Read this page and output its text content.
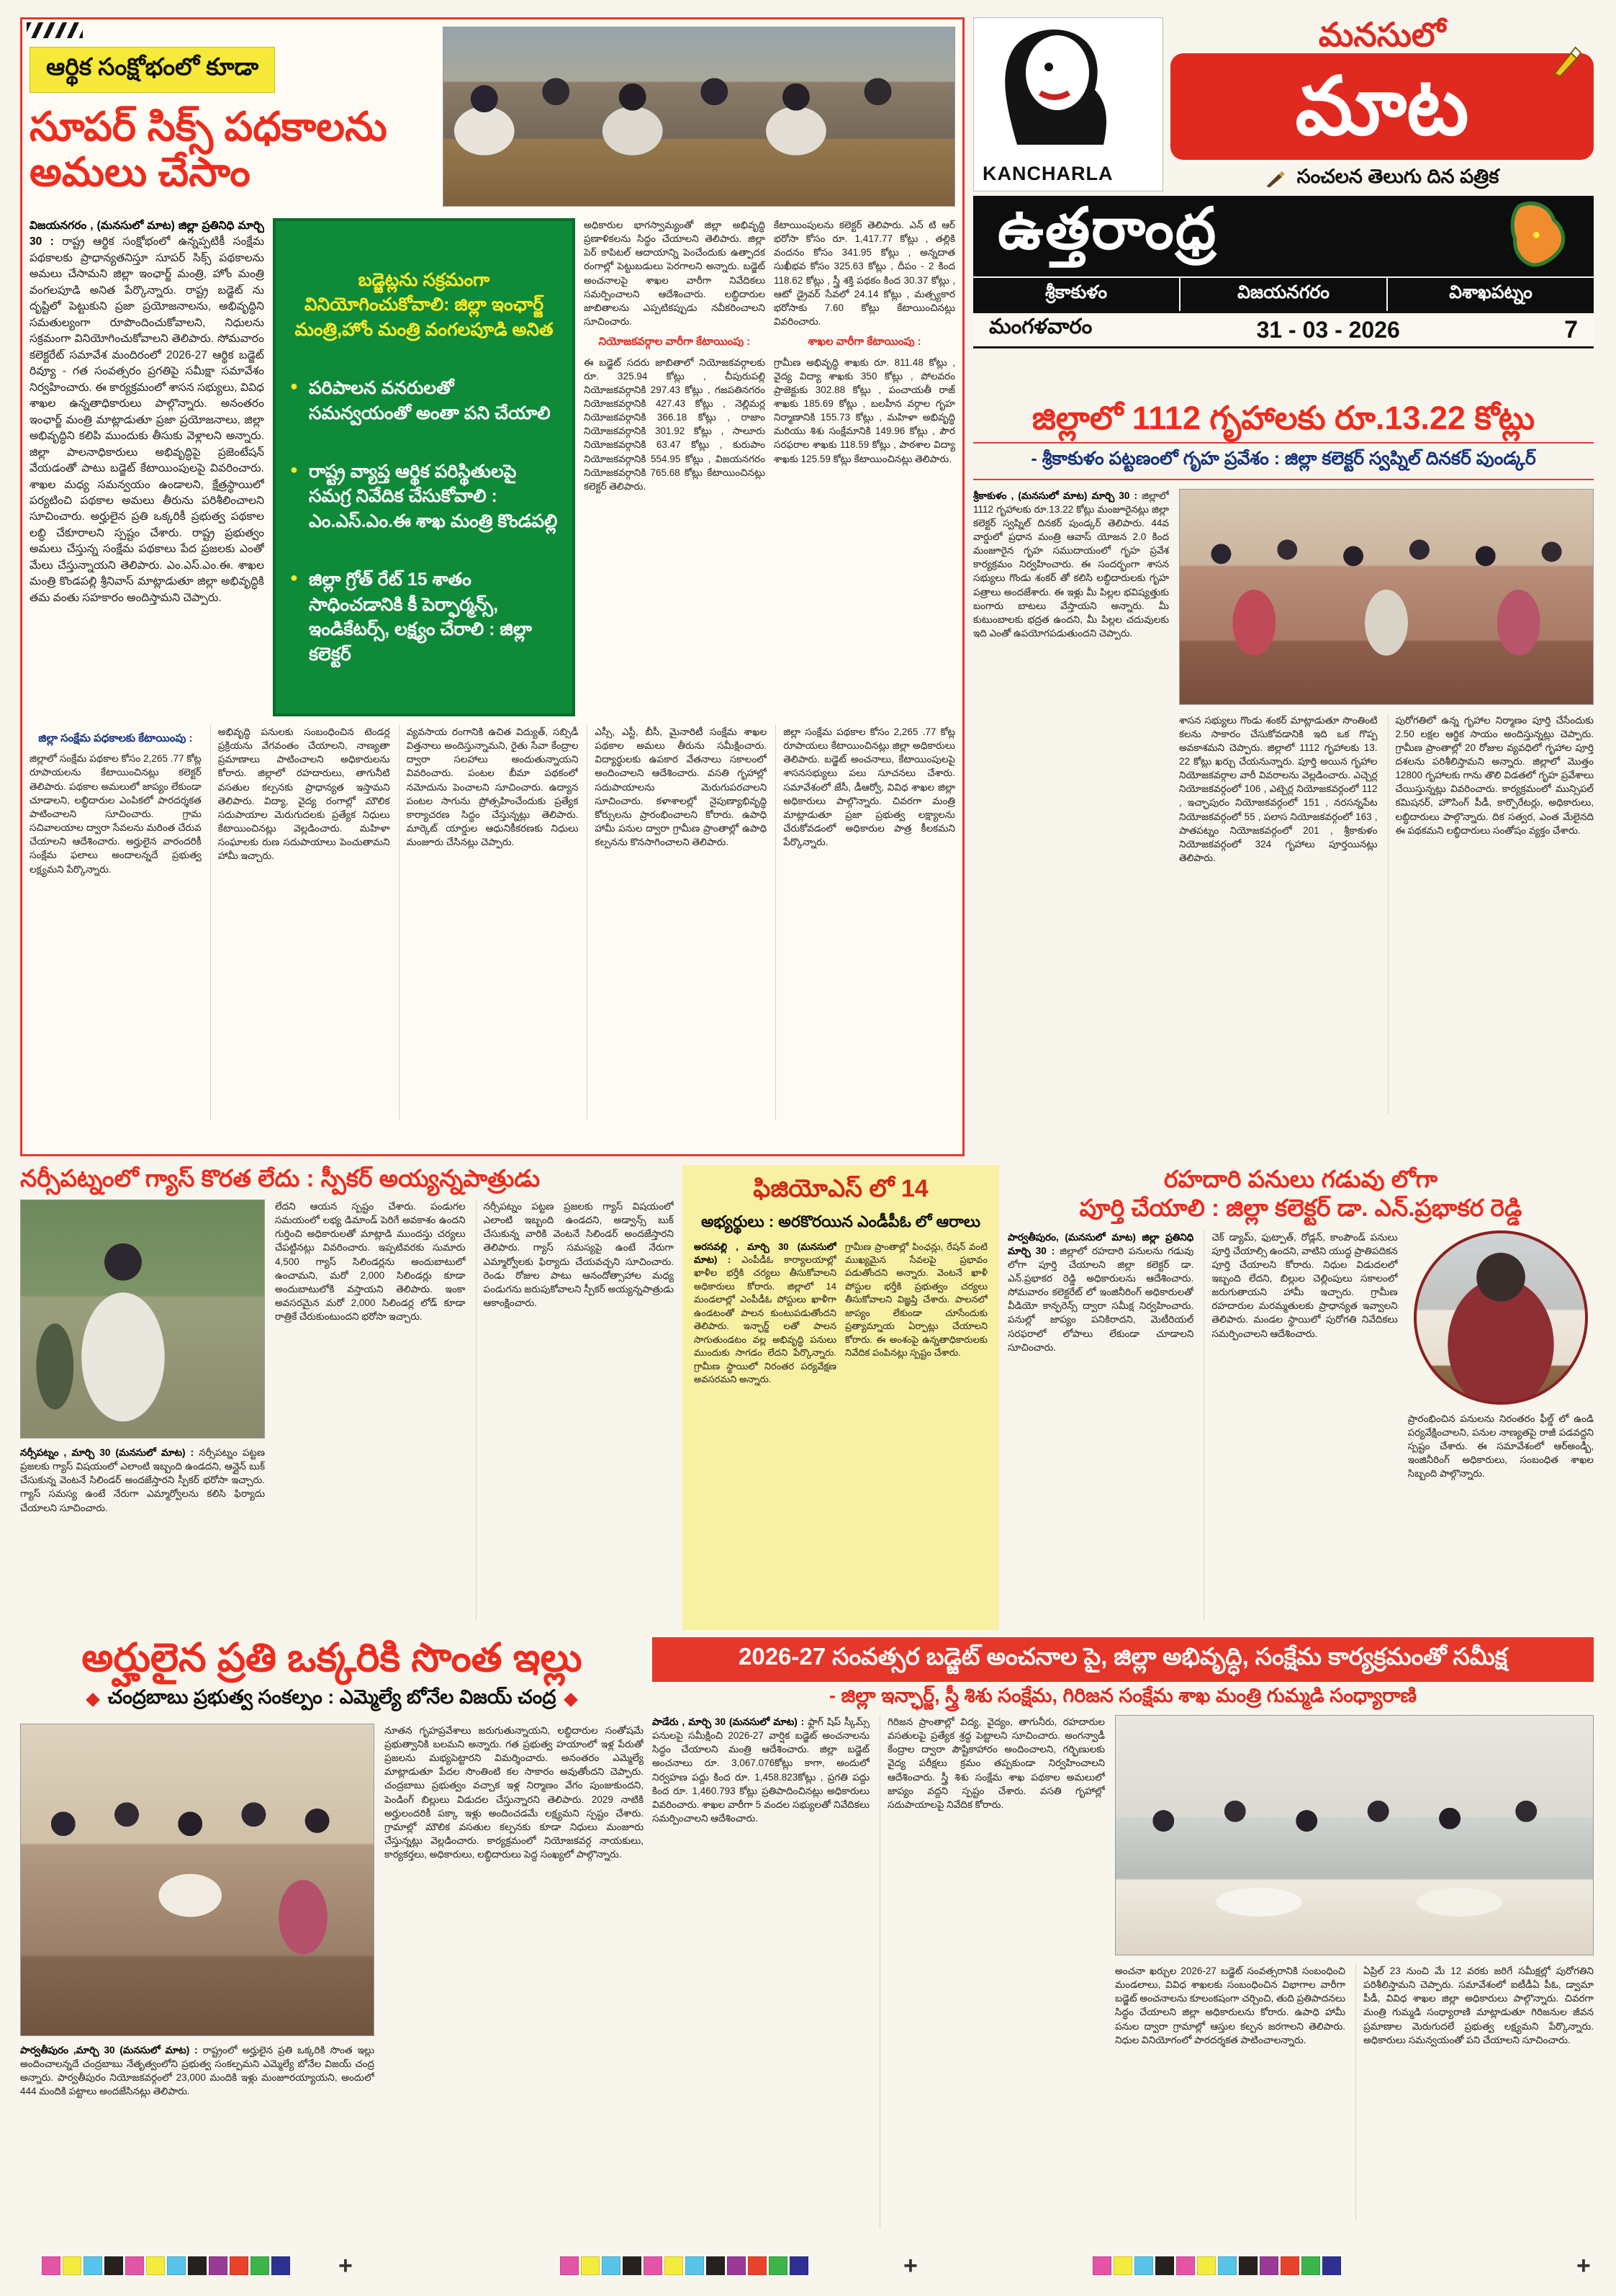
ఆర్థిక సంక్షోభంలో కూడా
సూపర్ సిక్స్ పధకాలను అమలు చేసాం
విజయనగరం , (మనసులో మాట) జిల్లా ప్రతినిధి మార్చి 30 : రాష్ట్ర ఆర్థిక సంక్షోభంలో ఉన్నప్పటికీ సంక్షేమ పథకాలకు ప్రాధాన్యతనిస్తూ సూపర్ సిక్స్ పథకాలను అమలు చేసామని జిల్లా ఇంఛార్జ్ మంత్రి, హోం మంత్రి వంగలపూడి అనిత పేర్కొన్నారు. రాష్ట్ర బడ్జెట్ ను దృష్టిలో పెట్టుకుని ప్రజా ప్రయోజనాలను, అభివృద్ధిని సమతుల్యంగా రూపొందించుకోవాలని, నిధులను సక్రమంగా వినియోగించుకోవాలని తెలిపారు. సోమవారం కలెక్టరేట్ సమావేశ మందిరంలో 2026-27 ఆర్థిక బడ్జెట్ రివ్యూ - గత సంవత్సరం ప్రగతిపై సమీక్షా సమావేశం నిర్వహించారు. ఈ కార్యక్రమంలో శాసన సభ్యులు, వివిధ శాఖల ఉన్నతాధికారులు పాల్గొన్నారు. అనంతరం ఇంఛార్జ్ మంత్రి మాట్లాడుతూ ప్రజా ప్రయోజనాలు, జిల్లా అభివృద్ధిని కలిపి ముందుకు తీసుకు వెళ్లాలని అన్నారు. జిల్లా పాలనాధికారులు అభివృద్ధిపై ప్రజెంటేషన్ వేయడంతో పాటు బడ్జెట్ కేటాయింపులపై వివరించారు. శాఖల మధ్య సమన్వయం ఉండాలని, క్షేత్రస్థాయిలో పర్యటించి పథకాల అమలు తీరును పరిశీలించాలని సూచించారు. అర్హులైన ప్రతి ఒక్కరికీ ప్రభుత్వ పథకాల లబ్ధి చేకూరాలని స్పష్టం చేశారు. రాష్ట్ర ప్రభుత్వం అమలు చేస్తున్న సంక్షేమ పథకాలు పేద ప్రజలకు ఎంతో మేలు చేస్తున్నాయని తెలిపారు. ఎం.ఎస్.ఎం.ఈ. శాఖల మంత్రి కొండపల్లి శ్రీనివాస్ మాట్లాడుతూ జిల్లా అభివృద్ధికి తమ వంతు సహకారం అందిస్తామని చెప్పారు.
బడ్జెట్లను సక్రమంగా వినియోగించుకోవాలి: జిల్లా ఇంఛార్జ్ మంత్రి,హోం మంత్రి వంగలపూడి అనిత
● పరిపాలన వనరులతో సమన్వయంతో అంతా పని చేయాలి
● రాష్ట్ర వ్యాప్త ఆర్థిక పరిస్థితులపై సమగ్ర నివేదిక చేసుకోవాలి : ఎం.ఎస్.ఎం.ఈ శాఖ మంత్రి కొండపల్లి
● జిల్లా గ్రోత్ రేట్ 15 శాతం సాధించడానికి కీ పెర్ఫార్మన్స్, ఇండికేటర్స్, లక్ష్యం చేరాలి : జిల్లా కలెక్టర్
అధికారుల భాగస్వామ్యంతో జిల్లా అభివృద్ధి ప్రణాళికలను సిద్ధం చేయాలని తెలిపారు. జిల్లా పెర్ కాపిటల్ ఆదాయాన్ని పెంచేందుకు ఉత్పాదక రంగాల్లో పెట్టుబడులు పెరగాలని అన్నారు. బడ్జెట్ అంచనాలపై శాఖల వారీగా నివేదికలు సమర్పించాలని ఆదేశించారు. లబ్ధిదారుల జాబితాలను ఎప్పటికప్పుడు నవీకరించాలని సూచించారు.
నియోజకవర్గాల వారీగా కేటాయింపు :
ఈ బడ్జెట్ సదరు జాబితాలో నియోజకవర్గాలకు రూ. 325.94 కోట్లు , చీపురుపల్లి నియోజకవర్గానికి 297.43 కోట్లు , గజపతినగరం నియోజకవర్గానికి 427.43 కోట్లు , నెల్లిమర్ల నియోజకవర్గానికి 366.18 కోట్లు , రాజాం నియోజకవర్గానికి 301.92 కోట్లు , సాలూరు నియోజకవర్గానికి 63.47 కోట్లు , కురుపాం నియోజకవర్గానికి 554.95 కోట్లు , విజయనగరం నియోజకవర్గానికి 765.68 కోట్లు కేటాయించినట్లు కలెక్టర్ తెలిపారు.
కేటాయింపులను కలెక్టర్ తెలిపారు. ఎన్ టి ఆర్ భరోసా కోసం రూ. 1,417.77 కోట్లు , తల్లికి వందనం కోసం 341.95 కోట్లు , అన్నదాత సుఖీభవ కోసం 325.63 కోట్లు , దీపం - 2 కింద 118.62 కోట్లు , స్త్రీ శక్తి పథకం కింద 30.37 కోట్లు , ఆటో డ్రైవర్ సేవలో 24.14 కోట్లు , మత్స్యకార భరోసాకు 7.60 కోట్లు కేటాయించినట్లు వివరించారు.
శాఖల వారీగా కేటాయింపు :
గ్రామీణ అభివృద్ధి శాఖకు రూ. 811.48 కోట్లు , వైద్య విద్యా శాఖకు 350 కోట్లు , పోలవరం ప్రాజెక్టుకు 302.88 కోట్లు , పంచాయతీ రాజ్ శాఖకు 185.69 కోట్లు , బలహీన వర్గాల గృహ నిర్మాణానికి 155.73 కోట్లు , మహిళా అభివృద్ధి మరియు శిశు సంక్షేమానికి 149.96 కోట్లు , పౌర సరఫరాల శాఖకు 118.59 కోట్లు , పాఠశాల విద్యా శాఖకు 125.59 కోట్లు కేటాయించినట్లు తెలిపారు.
జిల్లా సంక్షేమ పధకాలకు కేటాయింపు :
జిల్లాలో సంక్షేమ పథకాల కోసం 2,265 .77 కోట్ల రూపాయలను కేటాయించినట్లు కలెక్టర్ తెలిపారు. పథకాల అమలులో జాప్యం లేకుండా చూడాలని, లబ్ధిదారుల ఎంపికలో పారదర్శకత పాటించాలని సూచించారు. గ్రామ సచివాలయాల ద్వారా సేవలను మరింత చేరువ చేయాలని ఆదేశించారు. అర్హులైన వారందరికీ సంక్షేమ ఫలాలు అందాలన్నదే ప్రభుత్వ లక్ష్యమని పేర్కొన్నారు.
అభివృద్ధి పనులకు సంబంధించిన టెండర్ల ప్రక్రియను వేగవంతం చేయాలని, నాణ్యతా ప్రమాణాలు పాటించాలని అధికారులను కోరారు. జిల్లాలో రహదారులు, తాగునీటి వసతుల కల్పనకు ప్రాధాన్యత ఇస్తామని తెలిపారు. విద్యా, వైద్య రంగాల్లో మౌలిక సదుపాయాల మెరుగుదలకు ప్రత్యేక నిధులు కేటాయించినట్లు వెల్లడించారు. మహిళా సంఘాలకు రుణ సదుపాయాలు పెంచుతామని హామీ ఇచ్చారు.
వ్యవసాయ రంగానికి ఉచిత విద్యుత్, సబ్సిడీ విత్తనాలు అందిస్తున్నామని, రైతు సేవా కేంద్రాల ద్వారా సలహాలు అందుతున్నాయని వివరించారు. పంటల బీమా పథకంలో నమోదును పెంచాలని సూచించారు. ఉద్యాన పంటల సాగును ప్రోత్సహించేందుకు ప్రత్యేక కార్యాచరణ సిద్ధం చేస్తున్నట్లు తెలిపారు. మార్కెట్ యార్డుల ఆధునికీకరణకు నిధులు మంజూరు చేసినట్లు చెప్పారు.
ఎస్సీ, ఎస్టీ, బీసీ, మైనారిటీ సంక్షేమ శాఖల పథకాల అమలు తీరును సమీక్షించారు. విద్యార్థులకు ఉపకార వేతనాలు సకాలంలో అందించాలని ఆదేశించారు. వసతి గృహాల్లో సదుపాయాలను మెరుగుపరచాలని సూచించారు. కళాశాలల్లో నైపుణ్యాభివృద్ధి కోర్సులను ప్రారంభించాలని కోరారు. ఉపాధి హామీ పనుల ద్వారా గ్రామీణ ప్రాంతాల్లో ఉపాధి కల్పనను కొనసాగించాలని తెలిపారు.
జిల్లా సంక్షేమ పథకాల కోసం 2,265 .77 కోట్ల రూపాయలు కేటాయించినట్లు జిల్లా అధికారులు తెలిపారు. బడ్జెట్ అంచనాలు, కేటాయింపులపై శాసనసభ్యులు పలు సూచనలు చేశారు. సమావేశంలో జేసీ, డీఆర్వో, వివిధ శాఖల జిల్లా అధికారులు పాల్గొన్నారు. చివరగా మంత్రి మాట్లాడుతూ ప్రజా ప్రభుత్వ లక్ష్యాలను చేరుకోవడంలో అధికారుల పాత్ర కీలకమని పేర్కొన్నారు.
KANCHARLA
మనసులో
మాట
సంచలన తెలుగు దిన పత్రిక
ఉత్తరాంధ్ర
శ్రీకాకుళం	విజయనగరం	విశాఖపట్నం
మంగళవారం	31 - 03 - 2026	7
జిల్లాలో 1112 గృహాలకు రూ.13.22 కోట్లు
- శ్రీకాకుళం పట్టణంలో గృహ ప్రవేశం : జిల్లా కలెక్టర్ స్వప్నిల్ దినకర్ పుండ్కర్
శ్రీకాకుళం , (మనసులో మాట) మార్చి 30 : జిల్లాలో 1112 గృహాలకు రూ.13.22 కోట్లు మంజూరైనట్లు జిల్లా కలెక్టర్ స్వప్నిల్ దినకర్ పుండ్కర్ తెలిపారు. 44వ వార్డులో ప్రధాన మంత్రి ఆవాస్ యోజన 2.0 కింద మంజూరైన గృహ సముదాయంలో గృహ ప్రవేశ కార్యక్రమం నిర్వహించారు. ఈ సందర్భంగా శాసన సభ్యులు గొండు శంకర్ తో కలిసి లబ్ధిదారులకు గృహ పత్రాలు అందజేశారు. ఈ ఇళ్లు మీ పిల్లల భవిష్యత్తుకు బంగారు బాటలు వేస్తాయని అన్నారు. మీ కుటుంబాలకు భద్రత ఉందని, మీ పిల్లల చదువులకు ఇది ఎంతో ఉపయోగపడుతుందని చెప్పారు.
శాసన సభ్యులు గొండు శంకర్ మాట్లాడుతూ సొంతింటి కలను సాకారం చేసుకోవడానికి ఇది ఒక గొప్ప అవకాశమని చెప్పారు. జిల్లాలో 1112 గృహాలకు 13. 22 కోట్లు ఖర్చు చేయనున్నారు. పూర్తి అయిన గృహాల నియోజకవర్గాల వారీ వివరాలను వెల్లడించారు. ఎచ్చెర్ల నియోజకవర్గంలో 106 , ఎట్చెర్ల నియోజకవర్గంలో 112 , ఇచ్ఛాపురం నియోజకవర్గంలో 151 , నరసన్నపేట నియోజకవర్గంలో 55 , పలాస నియోజకవర్గంలో 163 , పాతపట్నం నియోజకవర్గంలో 201 , శ్రీకాకుళం నియోజకవర్గంలో 324 గృహాలు పూర్తయినట్లు తెలిపారు.
పురోగతిలో ఉన్న గృహాల నిర్మాణం పూర్తి చేసేందుకు 2.50 లక్షల ఆర్థిక సాయం అందిస్తున్నట్లు చెప్పారు. గ్రామీణ ప్రాంతాల్లో 20 రోజుల వ్యవధిలో గృహాల పూర్తి దశలను పరిశీలిస్తామని అన్నారు. జిల్లాలో మొత్తం 12800 గృహాలకు గాను తొలి విడతలో గృహ ప్రవేశాలు చేయిస్తున్నట్లు వివరించారు. కార్యక్రమంలో మున్సిపల్ కమిషనర్, హౌసింగ్ పీడీ, కార్పొరేటర్లు, అధికారులు, లబ్ధిదారులు పాల్గొన్నారు. దిక సత్వర, ఎంత మేలైనది ఈ పథకమని లబ్ధిదారులు సంతోషం వ్యక్తం చేశారు.
నర్సీపట్నంలో గ్యాస్ కొరత లేదు : స్పీకర్ అయ్యన్నపాత్రుడు
నర్సీపట్నం , మార్చి 30 (మనసులో మాట) : నర్సీపట్నం పట్టణ ప్రజలకు గ్యాస్ విషయంలో ఎలాంటి ఇబ్బంది ఉండదని, ఆన్లైన్ బుక్ చేసుకున్న వెంటనే సిలిండర్ అందజేస్తారని స్పీకర్ భరోసా ఇచ్చారు. గ్యాస్ సమస్య ఉంటే నేరుగా ఎమ్మార్వోలను కలిసి ఫిర్యాదు చేయాలని సూచించారు.
లేదని ఆయన స్పష్టం చేశారు. పండుగల సమయంలో లభ్య డిమాండ్ పెరిగే అవకాశం ఉందని గుర్తించి అధికారులతో మాట్లాడి ముందస్తు చర్యలు చేపట్టినట్లు వివరించారు. ఇప్పటివరకు సుమారు 4,500 గ్యాస్ సిలిండర్లను అందుబాటులో ఉంచామని, మరో 2,000 సిలిండర్లు కూడా అందుబాటులోకి వస్తాయని తెలిపారు. ఇంకా అవసరమైన మరో 2,000 సిలిండర్ల లోడ్ కూడా రాత్రికే చేరుకుంటుందని భరోసా ఇచ్చారు.
నర్సీపట్నం పట్టణ ప్రజలకు గ్యాస్ విషయంలో ఎలాంటి ఇబ్బంది ఉండదని, అడ్వాన్స్ బుక్ చేసుకున్న వారికి వెంటనే సిలిండర్ అందజేస్తారని తెలిపారు. గ్యాస్ సమస్యపై ఉంటే నేరుగా ఎమ్మార్వోలకు ఫిర్యాదు చేయవచ్చని సూచించారు. రెండు రోజుల పాటు ఆనందోత్సాహాల మధ్య పండుగను జరుపుకోవాలని స్పీకర్ అయ్యన్నపాత్రుడు ఆకాంక్షించారు.
ఫిజియోఎస్ లో 14
అభ్యర్థులు : అరకొరయిన ఎండీపీఓ లో ఆరాలు
అరసవల్లి , మార్చి 30 (మనసులో మాట) : ఎంపీడీఓ కార్యాలయాల్లో ఖాళీల భర్తీకి చర్యలు తీసుకోవాలని అధికారులు కోరారు. జిల్లాలో 14 మండలాల్లో ఎంపీడీఓ పోస్టులు ఖాళీగా ఉండటంతో పాలన కుంటుపడుతోందని తెలిపారు. ఇన్ఛార్జ్ లతో పాలన సాగుతుండటం వల్ల అభివృద్ధి పనులు ముందుకు సాగడం లేదని పేర్కొన్నారు. గ్రామీణ స్థాయిలో నిరంతర పర్యవేక్షణ అవసరమని అన్నారు.
గ్రామీణ ప్రాంతాల్లో పింఛన్లు, రేషన్ వంటి ముఖ్యమైన సేవలపై ప్రభావం పడుతోందని అన్నారు. వెంటనే ఖాళీ పోస్టుల భర్తీకి ప్రభుత్వం చర్యలు తీసుకోవాలని విజ్ఞప్తి చేశారు. పాలనలో జాప్యం లేకుండా చూసేందుకు ప్రత్యామ్నాయ ఏర్పాట్లు చేయాలని కోరారు. ఈ అంశంపై ఉన్నతాధికారులకు నివేదిక పంపినట్లు స్పష్టం చేశారు.
రహదారి పనులు గడువు లోగా
పూర్తి చేయాలి : జిల్లా కలెక్టర్ డా. ఎన్.ప్రభాకర రెడ్డి
పార్వతీపురం, (మనసులో మాట) జిల్లా ప్రతినిధి మార్చి 30 : జిల్లాలో రహదారి పనులను గడువు లోగా పూర్తి చేయాలని జిల్లా కలెక్టర్ డా. ఎన్.ప్రభాకర రెడ్డి అధికారులను ఆదేశించారు. సోమవారం కలెక్టరేట్ లో ఇంజినీరింగ్ అధికారులతో వీడియో కాన్ఫరెన్స్ ద్వారా సమీక్ష నిర్వహించారు. పనుల్లో జాప్యం పనికిరాదని, మెటీరియల్ సరఫరాలో లోపాలు లేకుండా చూడాలని సూచించారు.
చెక్ డ్యామ్, ఫుట్పాత్, రోడ్లన్, కాంపౌండ్ పనులు పూర్తి చేయాల్సి ఉందని, వాటిని యుద్ధ ప్రాతిపదికన పూర్తి చేయాలని కోరారు. నిధుల విడుదలలో ఇబ్బంది లేదని, బిల్లుల చెల్లింపులు సకాలంలో జరుగుతాయని హామీ ఇచ్చారు. గ్రామీణ రహదారుల మరమ్మతులకు ప్రాధాన్యత ఇవ్వాలని తెలిపారు. మండల స్థాయిలో పురోగతి నివేదికలు సమర్పించాలని ఆదేశించారు.
ప్రారంభించిన పనులను నిరంతరం ఫీల్డ్ లో ఉండి పర్యవేక్షించాలని, పనుల నాణ్యతపై రాజీ పడవద్దని స్పష్టం చేశారు. ఈ సమావేశంలో ఆర్అండ్బీ, ఇంజినీరింగ్ అధికారులు, సంబంధిత శాఖల సిబ్బంది పాల్గొన్నారు.
అర్హులైన ప్రతి ఒక్కరికి సొంత ఇల్లు
చంద్రబాబు ప్రభుత్వ సంకల్పం : ఎమ్మెల్యే బోనేల విజయ్ చంద్ర
పార్వతీపురం ,మార్చి 30 (మనసులో మాట) : రాష్ట్రంలో అర్హులైన ప్రతి ఒక్కరికి సొంత ఇల్లు అందించాలన్నదే చంద్రబాబు నేతృత్వంలోని ప్రభుత్వ సంకల్పమని ఎమ్మెల్యే బోనేల విజయ్ చంద్ర అన్నారు. పార్వతీపురం నియోజకవర్గంలో 23,000 మందికి ఇళ్లు మంజూరయ్యాయని, అందులో 444 మందికి పట్టాలు అందజేసినట్లు తెలిపారు.
నూతన గృహప్రవేశాలు జరుగుతున్నాయని, లబ్ధిదారుల సంతోషమే ప్రభుత్వానికి బలమని అన్నారు. గత ప్రభుత్వ హయాంలో ఇళ్ల పేరుతో ప్రజలను మభ్యపెట్టారని విమర్శించారు. అనంతరం ఎమ్మెల్యే మాట్లాడుతూ పేదల సొంతింటి కల సాకారం అవుతోందని చెప్పారు. చంద్రబాబు ప్రభుత్వం వచ్చాక ఇళ్ల నిర్మాణం వేగం పుంజుకుందని, పెండింగ్ బిల్లులు విడుదల చేస్తున్నారని తెలిపారు. 2029 నాటికి అర్హులందరికీ పక్కా ఇళ్లు అందించడమే లక్ష్యమని స్పష్టం చేశారు. గ్రామాల్లో మౌలిక వసతుల కల్పనకు కూడా నిధులు మంజూరు చేస్తున్నట్లు వెల్లడించారు. కార్యక్రమంలో నియోజకవర్గ నాయకులు, కార్యకర్తలు, అధికారులు, లబ్ధిదారులు పెద్ద సంఖ్యలో పాల్గొన్నారు.
2026-27 సంవత్సర బడ్జెట్ అంచనాల పై, జిల్లా అభివృద్ధి, సంక్షేమ కార్యక్రమంతో సమీక్ష
- జిల్లా ఇన్ఛార్జ్, స్త్రీ శిశు సంక్షేమ, గిరిజన సంక్షేమ శాఖ మంత్రి గుమ్మడి సంధ్యారాణి
పాడేరు , మార్చి 30 (మనసులో మాట) : ఫ్లాగ్ షిప్ స్కీమ్స్ పనులపై సమీక్షించి 2026-27 వార్షిక బడ్జెట్ అంచనాలను సిద్ధం చేయాలని మంత్రి ఆదేశించారు. జిల్లా బడ్జెట్ అంచనాలు రూ. 3,067.076కోట్లు కాగా, అందులో నిర్వహణ పద్దు కింద రూ. 1,458.823కోట్లు , ప్రగతి పద్దు కింద రూ. 1,460.793 కోట్లు ప్రతిపాదించినట్లు అధికారులు వివరించారు. శాఖల వారీగా 5 వందల సభ్యులతో నివేదికలు సమర్పించాలని ఆదేశించారు.
గిరిజన ప్రాంతాల్లో విద్య, వైద్యం, తాగునీరు, రహదారుల వసతులపై ప్రత్యేక శ్రద్ధ పెట్టాలని సూచించారు. అంగన్వాడీ కేంద్రాల ద్వారా పౌష్టికాహారం అందించాలని, గర్భిణులకు వైద్య పరీక్షలు క్రమం తప్పకుండా నిర్వహించాలని ఆదేశించారు. స్త్రీ శిశు సంక్షేమ శాఖ పథకాల అమలులో జాప్యం వద్దని స్పష్టం చేశారు. వసతి గృహాల్లో సదుపాయాలపై నివేదిక కోరారు.
అంచనా ఖర్చుల 2026-27 బడ్జెట్ సంవత్సరానికి సంబంధించి మండలాలు, వివిధ శాఖలకు సంబంధించిన విభాగాల వారీగా బడ్జెట్ అంచనాలను కూలంకషంగా చర్చించి, తుది ప్రతిపాదనలు సిద్ధం చేయాలని జిల్లా అధికారులను కోరారు. ఉపాధి హామీ పనుల ద్వారా గ్రామాల్లో ఆస్తుల కల్పన జరగాలని తెలిపారు. నిధుల వినియోగంలో పారదర్శకత పాటించాలన్నారు.
ఏప్రిల్ 23 నుంచి మే 12 వరకు జరిగే సమీక్షల్లో పురోగతిని పరిశీలిస్తామని చెప్పారు. సమావేశంలో ఐటీడీఏ పీఓ, డ్వామా పీడీ, వివిధ శాఖల జిల్లా అధికారులు పాల్గొన్నారు. చివరగా మంత్రి గుమ్మడి సంధ్యారాణి మాట్లాడుతూ గిరిజనుల జీవన ప్రమాణాల మెరుగుదలే ప్రభుత్వ లక్ష్యమని పేర్కొన్నారు. అధికారులు సమన్వయంతో పని చేయాలని సూచించారు.
+	+	+
